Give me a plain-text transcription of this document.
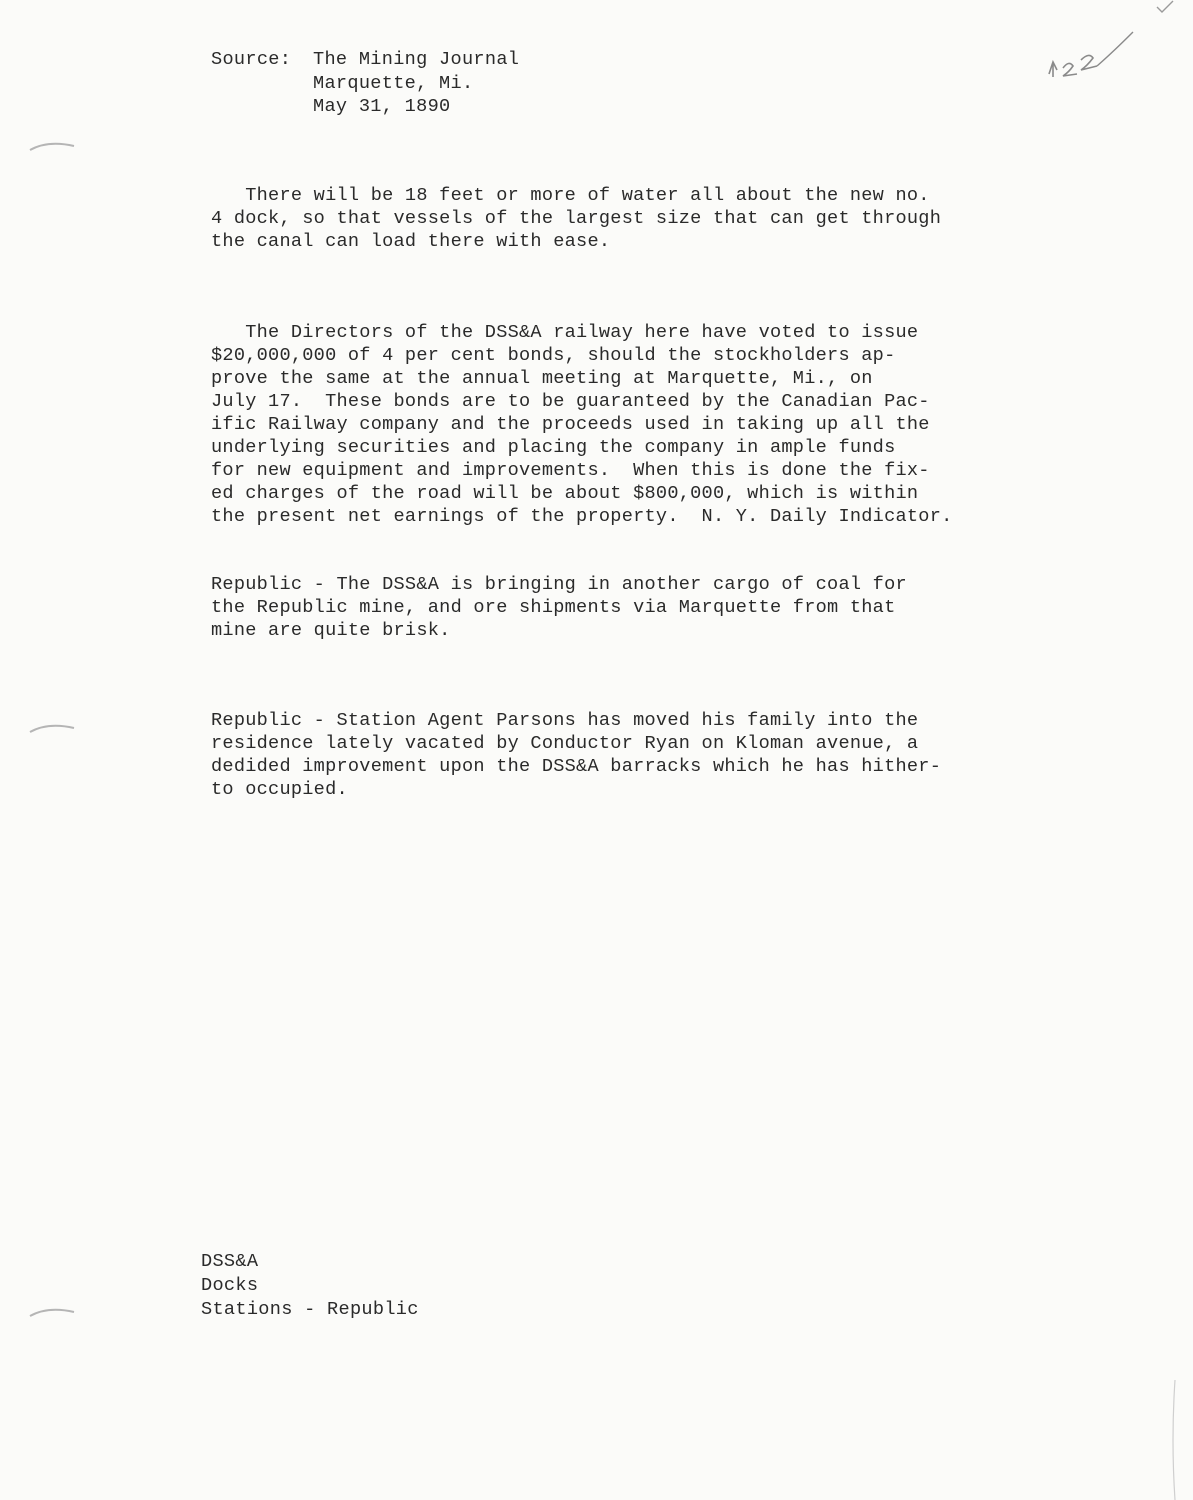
Source: The Mining Journal
Marquette, Mi.
May 31, 1890
There will be 18 feet or more of water all about the new no.
4 dock, so that vessels of the largest size that can get through
the canal can load there with ease.
The Directors of the DSS&A railway here have voted to issue
$20,000,000 of 4 per cent bonds, should the stockholders ap-
prove the same at the annual meeting at Marquette, Mi., on
July 17.  These bonds are to be guaranteed by the Canadian Pac-
ific Railway company and the proceeds used in taking up all the
underlying securities and placing the company in ample funds
for new equipment and improvements.  When this is done the fix-
ed charges of the road will be about $800,000, which is within
the present net earnings of the property.  N. Y. Daily Indicator.
Republic - The DSS&A is bringing in another cargo of coal for
the Republic mine, and ore shipments via Marquette from that
mine are quite brisk.
Republic - Station Agent Parsons has moved his family into the
residence lately vacated by Conductor Ryan on Kloman avenue, a
dedided improvement upon the DSS&A barracks which he has hither-
to occupied.
DSS&A
Docks
Stations - Republic
